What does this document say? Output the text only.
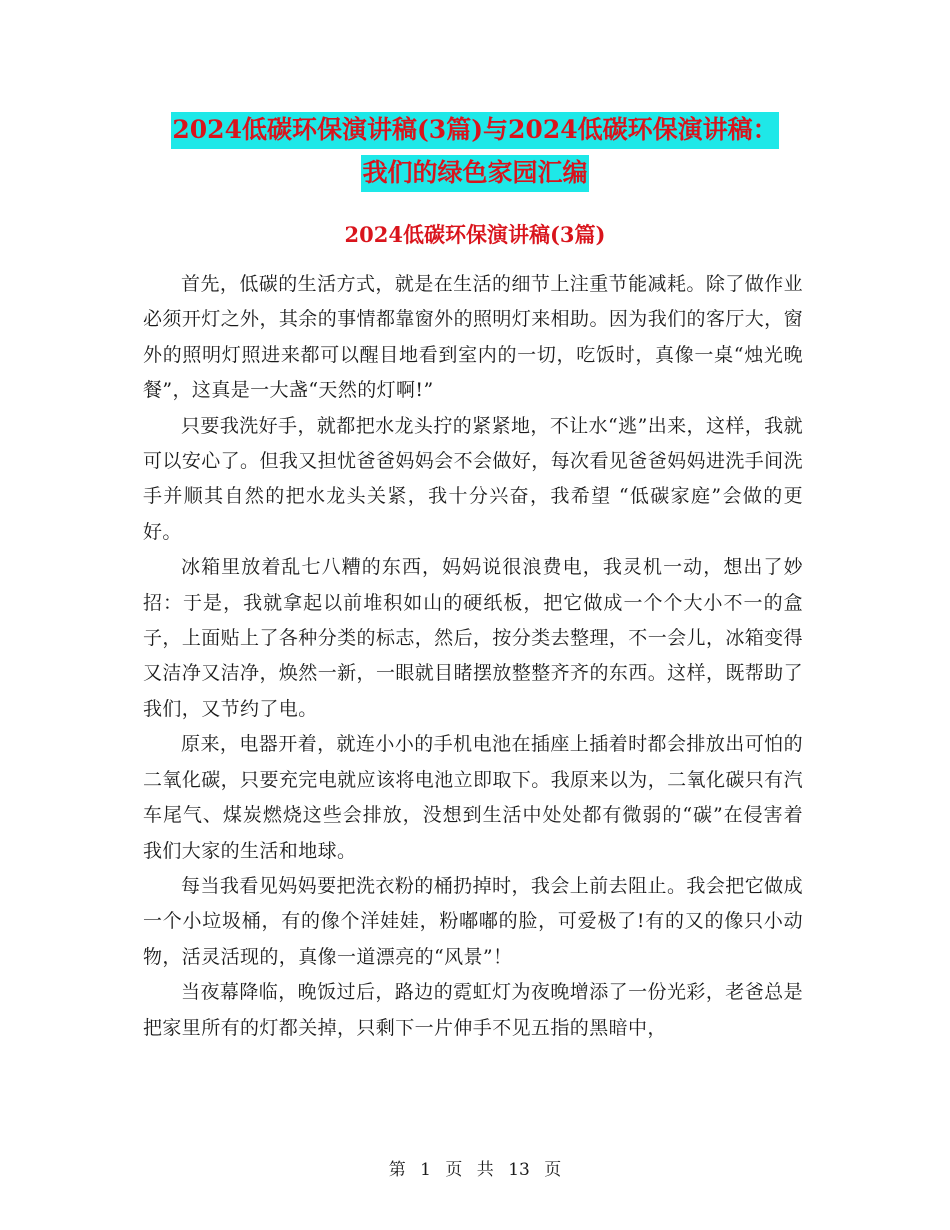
2024低碳环保演讲稿(3篇)与2024低碳环保演讲稿：
我们的绿色家园汇编
2024低碳环保演讲稿(3篇)

首先，低碳的生活方式，就是在生活的细节上注重节能减耗。除了做作业必须开灯之外，其余的事情都靠窗外的照明灯来相助。因为我们的客厅大，窗外的照明灯照进来都可以醒目地看到室内的一切，吃饭时，真像一桌“烛光晚餐”，这真是一大盏“天然的灯啊!”

只要我洗好手，就都把水龙头拧的紧紧地，不让水“逃”出来，这样，我就可以安心了。但我又担忧爸爸妈妈会不会做好，每次看见爸爸妈妈进洗手间洗手并顺其自然的把水龙头关紧，我十分兴奋，我希望 “低碳家庭”会做的更好。

冰箱里放着乱七八糟的东西，妈妈说很浪费电，我灵机一动，想出了妙招：于是，我就拿起以前堆积如山的硬纸板，把它做成一个个大小不一的盒子，上面贴上了各种分类的标志，然后，按分类去整理，不一会儿，冰箱变得又洁净又洁净，焕然一新，一眼就目睹摆放整整齐齐的东西。这样，既帮助了我们，又节约了电。

原来，电器开着，就连小小的手机电池在插座上插着时都会排放出可怕的二氧化碳，只要充完电就应该将电池立即取下。我原来以为，二氧化碳只有汽车尾气、煤炭燃烧这些会排放，没想到生活中处处都有微弱的“碳”在侵害着我们大家的生活和地球。

每当我看见妈妈要把洗衣粉的桶扔掉时，我会上前去阻止。我会把它做成一个小垃圾桶，有的像个洋娃娃，粉嘟嘟的脸，可爱极了!有的又的像只小动物，活灵活现的，真像一道漂亮的“风景”！

当夜幕降临，晚饭过后，路边的霓虹灯为夜晚增添了一份光彩，老爸总是把家里所有的灯都关掉，只剩下一片伸手不见五指的黑暗中，

第 1 页 共 13 页
